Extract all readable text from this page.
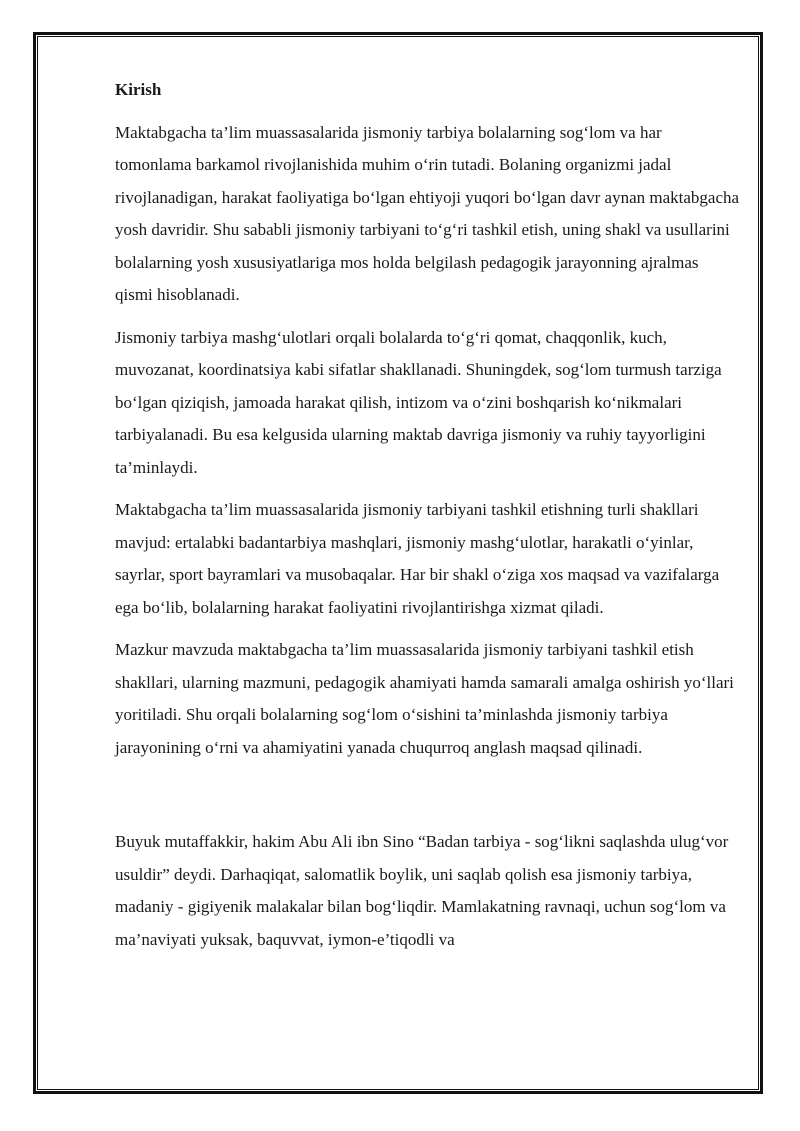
Kirish
Maktabgacha ta’lim muassasalarida jismoniy tarbiya bolalarning sog‘lom va har tomonlama barkamol rivojlanishida muhim o‘rin tutadi. Bolaning organizmi jadal rivojlanadigan, harakat faoliyatiga bo‘lgan ehtiyoji yuqori bo‘lgan davr aynan maktabgacha yosh davridir. Shu sababli jismoniy tarbiyani to‘g‘ri tashkil etish, uning shakl va usullarini bolalarning yosh xususiyatlariga mos holda belgilash pedagogik jarayonning ajralmas qismi hisoblanadi.
Jismoniy tarbiya mashg‘ulotlari orqali bolalarda to‘g‘ri qomat, chaqqonlik, kuch, muvozanat, koordinatsiya kabi sifatlar shakllanadi. Shuningdek, sog‘lom turmush tarziga bo‘lgan qiziqish, jamoada harakat qilish, intizom va o‘zini boshqarish ko‘nikmalari tarbiyalanadi. Bu esa kelgusida ularning maktab davriga jismoniy va ruhiy tayyorligini ta’minlaydi.
Maktabgacha ta’lim muassasalarida jismoniy tarbiyani tashkil etishning turli shakllari mavjud: ertalabki badantarbiya mashqlari, jismoniy mashg‘ulotlar, harakatli o‘yinlar, sayrlar, sport bayramlari va musobaqalar. Har bir shakl o‘ziga xos maqsad va vazifalarga ega bo‘lib, bolalarning harakat faoliyatini rivojlantirishga xizmat qiladi.
Mazkur mavzuda maktabgacha ta’lim muassasalarida jismoniy tarbiyani tashkil etish shakllari, ularning mazmuni, pedagogik ahamiyati hamda samarali amalga oshirish yo‘llari yoritiladi. Shu orqali bolalarning sog‘lom o‘sishini ta’minlashda jismoniy tarbiya jarayonining o‘rni va ahamiyatini yanada chuqurroq anglash maqsad qilinadi.
Buyuk mutaffakkir, hakim Abu Ali ibn Sino “Badan tarbiya - sog‘likni saqlashda ulug‘vor usuldir” deydi. Darhaqiqat, salomatlik boylik, uni saqlab qolish esa jismoniy tarbiya, madaniy - gigiyenik malakalar bilan bog‘liqdir. Mamlakatning ravnaqi, uchun sog‘lom va ma’naviyati yuksak, baquvvat, iymon-e’tiqodli va
